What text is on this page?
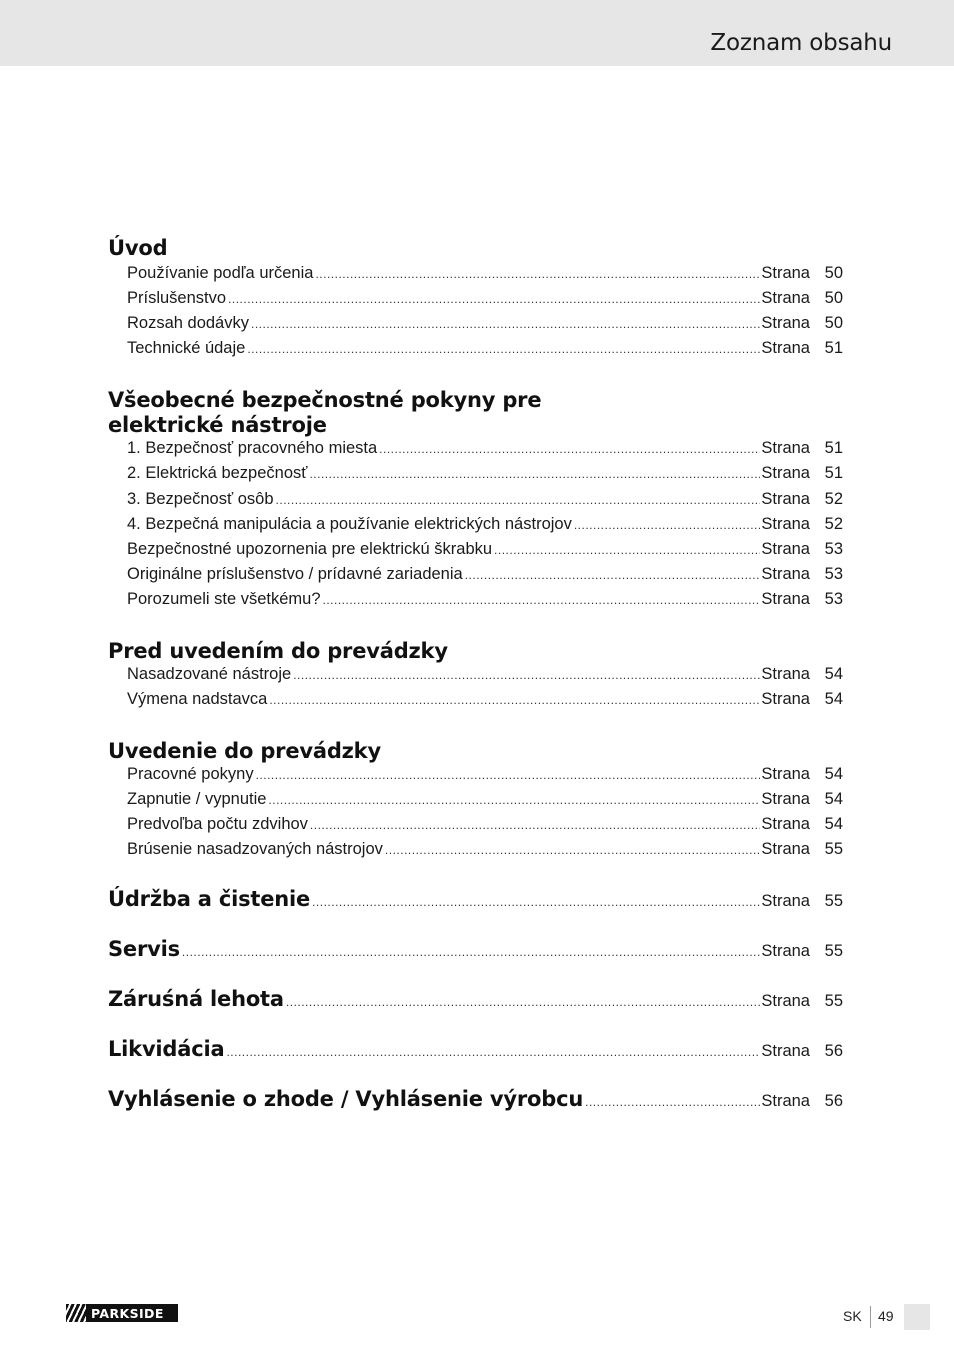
Zoznam obsahu
Úvod
Používanie podľa určenia .....	Strana 50
Príslušenstvo .....	Strana 50
Rozsah dodávky .....	Strana 50
Technické údaje .....	Strana 51
Všeobecné bezpečnostné pokyny pre
elektrické nástroje
1. Bezpečnosť pracovného miesta .....	Strana 51
2. Elektrická bezpečnosť .....	Strana 51
3. Bezpečnosť osôb .....	Strana 52
4. Bezpečná manipulácia a používanie elektrických nástrojov .....	Strana 52
Bezpečnostné upozornenia pre elektrickú škrabku .....	Strana 53
Originálne príslušenstvo / prídavné zariadenia .....	Strana 53
Porozumeli ste všetkému? .....	Strana 53
Pred uvedením do prevádzky
Nasadzované nástroje .....	Strana 54
Výmena nadstavca .....	Strana 54
Uvedenie do prevádzky
Pracovné pokyny .....	Strana 54
Zapnutie / vypnutie .....	Strana 54
Predvoľba počtu zdvihov .....	Strana 54
Brúsenie nasadzovaných nástrojov .....	Strana 55
Údržba a čistenie .....	Strana 55
Servis .....	Strana 55
Záruśná lehota .....	Strana 55
Likvidácia .....	Strana 56
Vyhlásenie o zhode / Vyhlásenie výrobcu .....	Strana 56
PARKSIDE	SK 49
